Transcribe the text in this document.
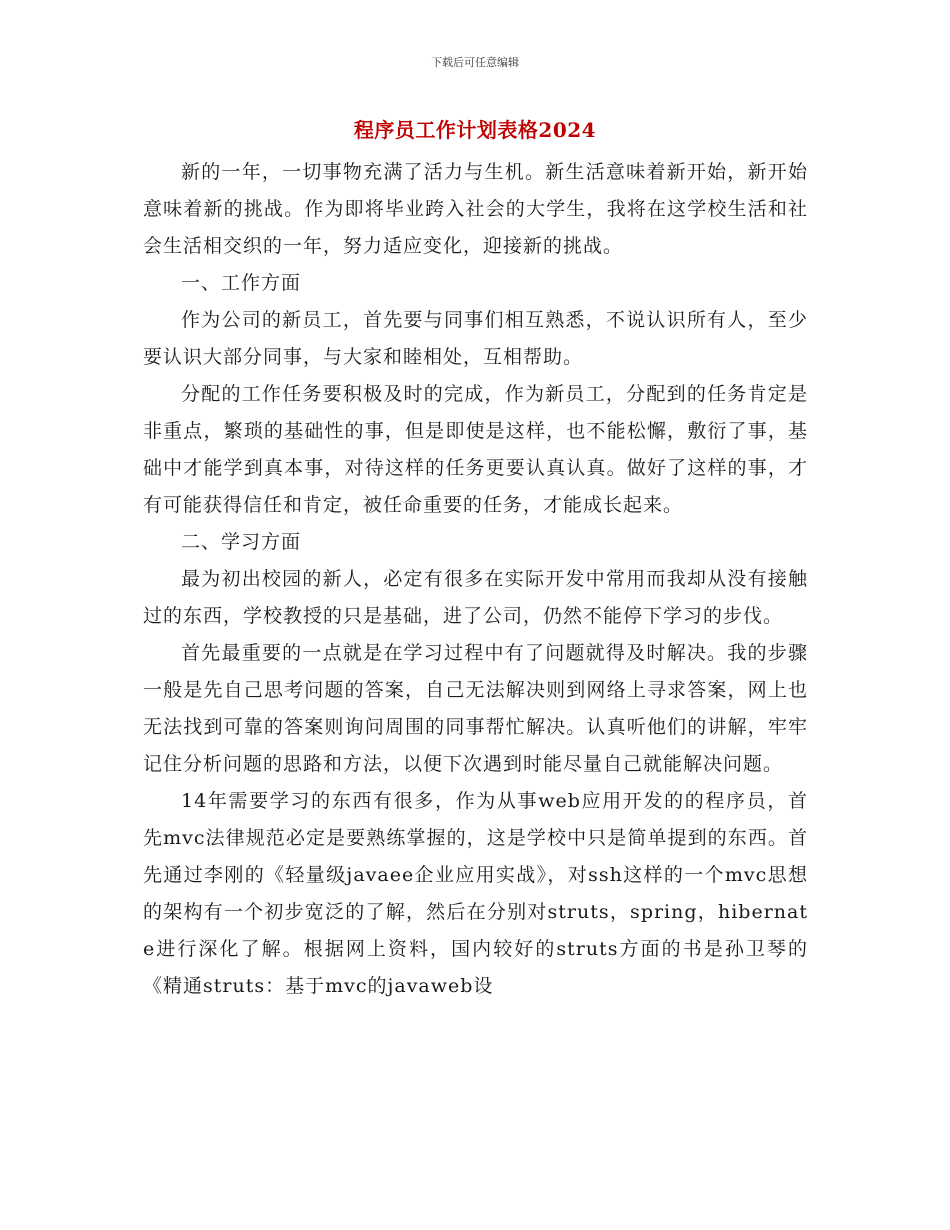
下载后可任意编辑
程序员工作计划表格2024

新的一年，一切事物充满了活力与生机。新生活意味着新开始，新开始意味着新的挑战。作为即将毕业跨入社会的大学生，我将在这学校生活和社会生活相交织的一年，努力适应变化，迎接新的挑战。

一、工作方面

作为公司的新员工，首先要与同事们相互熟悉，不说认识所有人，至少要认识大部分同事，与大家和睦相处，互相帮助。

分配的工作任务要积极及时的完成，作为新员工，分配到的任务肯定是非重点，繁琐的基础性的事，但是即使是这样，也不能松懈，敷衍了事，基础中才能学到真本事，对待这样的任务更要认真认真。做好了这样的事，才有可能获得信任和肯定，被任命重要的任务，才能成长起来。

二、学习方面

最为初出校园的新人，必定有很多在实际开发中常用而我却从没有接触过的东西，学校教授的只是基础，进了公司，仍然不能停下学习的步伐。

首先最重要的一点就是在学习过程中有了问题就得及时解决。我的步骤一般是先自己思考问题的答案，自己无法解决则到网络上寻求答案，网上也无法找到可靠的答案则询问周围的同事帮忙解决。认真听他们的讲解，牢牢记住分析问题的思路和方法，以便下次遇到时能尽量自己就能解决问题。

14年需要学习的东西有很多，作为从事web应用开发的的程序员，首先mvc法律规范必定是要熟练掌握的，这是学校中只是简单提到的东西。首先通过李刚的《轻量级javaee企业应用实战》，对ssh这样的一个mvc思想的架构有一个初步宽泛的了解，然后在分别对struts，spring，hibernate进行深化了解。根据网上资料，国内较好的struts方面的书是孙卫琴的《精通struts：基于mvc的javaweb设
